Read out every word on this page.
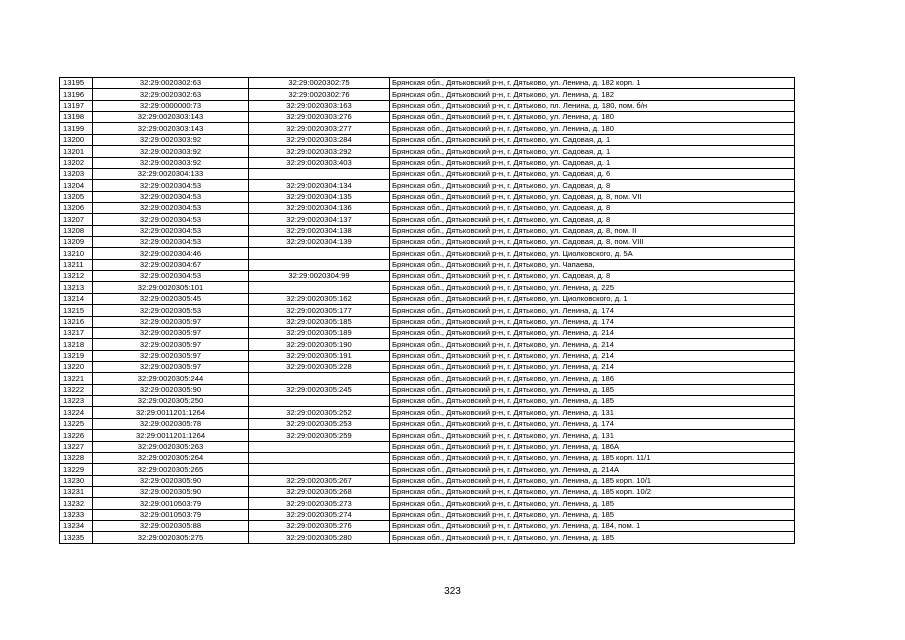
13195	32:29:0020302:63	32:29:0020302:75	Брянская обл., Дятьковский р-н, г. Дятьково, ул. Ленина, д. 182 корп. 1
13196	32:29:0020302:63	32:29:0020302:76	Брянская обл., Дятьковский р-н, г. Дятьково, ул. Ленина, д. 182
13197	32:29:0000000:73	32:29:0020303:163	Брянская обл., Дятьковский р-н, г. Дятьково, пл. Ленина, д. 180, пом. б/н
13198	32:29:0020303:143	32:29:0020303:276	Брянская обл., Дятьковский р-н, г. Дятьково, ул. Ленина, д. 180
13199	32:29:0020303:143	32:29:0020303:277	Брянская обл., Дятьковский р-н, г. Дятьково, ул. Ленина, д. 180
13200	32:29:0020303:92	32:29:0020303:284	Брянская обл., Дятьковский р-н, г. Дятьково, ул. Садовая, д. 1
13201	32:29:0020303:92	32:29:0020303:292	Брянская обл., Дятьковский р-н, г. Дятьково, ул. Садовая, д. 1
13202	32:29:0020303:92	32:29:0020303:403	Брянская обл., Дятьковский р-н, г. Дятьково, ул. Садовая, д. 1
13203	32:29:0020304:133		Брянская обл., Дятьковский р-н, г. Дятьково, ул. Садовая, д. 6
13204	32:29:0020304:53	32:29:0020304:134	Брянская обл., Дятьковский р-н, г. Дятьково, ул. Садовая, д. 8
13205	32:29:0020304:53	32:29:0020304:135	Брянская обл., Дятьковский р-н, г. Дятьково, ул. Садовая, д. 8, пом. VII
13206	32:29:0020304:53	32:29:0020304:136	Брянская обл., Дятьковский р-н, г. Дятьково, ул. Садовая, д. 8
13207	32:29:0020304:53	32:29:0020304:137	Брянская обл., Дятьковский р-н, г. Дятьково, ул. Садовая, д. 8
13208	32:29:0020304:53	32:29:0020304:138	Брянская обл., Дятьковский р-н, г. Дятьково, ул. Садовая, д. 8, пом. II
13209	32:29:0020304:53	32:29:0020304:139	Брянская обл., Дятьковский р-н, г. Дятьково, ул. Садовая, д. 8, пом. VIII
13210	32:29:0020304:46		Брянская обл., Дятьковский р-н, г. Дятьково, ул. Циолковского, д. 5А
13211	32:29:0020304:67		Брянская обл., Дятьковский р-н, г. Дятьково, ул. Чапаева,
13212	32:29:0020304:53	32:29:0020304:99	Брянская обл., Дятьковский р-н, г. Дятьково, ул. Садовая, д. 8
13213	32:29:0020305:101		Брянская обл., Дятьковский р-н, г. Дятьково, ул. Ленина, д. 225
13214	32:29:0020305:45	32:29:0020305:162	Брянская обл., Дятьковский р-н, г. Дятьково, ул. Циолковского, д. 1
13215	32:29:0020305:53	32:29:0020305:177	Брянская обл., Дятьковский р-н, г. Дятьково, ул. Ленина, д. 174
13216	32:29:0020305:97	32:29:0020305:185	Брянская обл., Дятьковский р-н, г. Дятьково, ул. Ленина, д. 174
13217	32:29:0020305:97	32:29:0020305:189	Брянская обл., Дятьковский р-н, г. Дятьково, ул. Ленина, д. 214
13218	32:29:0020305:97	32:29:0020305:190	Брянская обл., Дятьковский р-н, г. Дятьково, ул. Ленина, д. 214
13219	32:29:0020305:97	32:29:0020305:191	Брянская обл., Дятьковский р-н, г. Дятьково, ул. Ленина, д. 214
13220	32:29:0020305:97	32:29:0020305:228	Брянская обл., Дятьковский р-н, г. Дятьково, ул. Ленина, д. 214
13221	32:29:0020305:244		Брянская обл., Дятьковский р-н, г. Дятьково, ул. Ленина, д. 186
13222	32:29:0020305:90	32:29:0020305:245	Брянская обл., Дятьковский р-н, г. Дятьково, ул. Ленина, д. 185
13223	32:29:0020305:250		Брянская обл., Дятьковский р-н, г. Дятьково, ул. Ленина, д. 185
13224	32:29:0011201:1264	32:29:0020305:252	Брянская обл., Дятьковский р-н, г. Дятьково, ул. Ленина, д. 131
13225	32:29:0020305:78	32:29:0020305:253	Брянская обл., Дятьковский р-н, г. Дятьково, ул. Ленина, д. 174
13226	32:29:0011201:1264	32:29:0020305:259	Брянская обл., Дятьковский р-н, г. Дятьково, ул. Ленина, д. 131
13227	32:29:0020305:263		Брянская обл., Дятьковский р-н, г. Дятьково, ул. Ленина, д. 186А
13228	32:29:0020305:264		Брянская обл., Дятьковский р-н, г. Дятьково, ул. Ленина, д. 185 корп. 11/1
13229	32:29:0020305:265		Брянская обл., Дятьковский р-н, г. Дятьково, ул. Ленина, д. 214А
13230	32:29:0020305:90	32:29:0020305:267	Брянская обл., Дятьковский р-н, г. Дятьково, ул. Ленина, д. 185 корп. 10/1
13231	32:29:0020305:90	32:29:0020305:268	Брянская обл., Дятьковский р-н, г. Дятьково, ул. Ленина, д. 185 корп. 10/2
13232	32:29:0010503:79	32:29:0020305:273	Брянская обл., Дятьковский р-н, г. Дятьково, ул. Ленина, д. 185
13233	32:29:0010503:79	32:29:0020305:274	Брянская обл., Дятьковский р-н, г. Дятьково, ул. Ленина, д. 185
13234	32:29:0020305:88	32:29:0020305:276	Брянская обл., Дятьковский р-н, г. Дятьково, ул. Ленина, д. 184, пом. 1
13235	32:29:0020305:275	32:29:0020305:280	Брянская обл., Дятьковский р-н, г. Дятьково, ул. Ленина, д. 185
323
